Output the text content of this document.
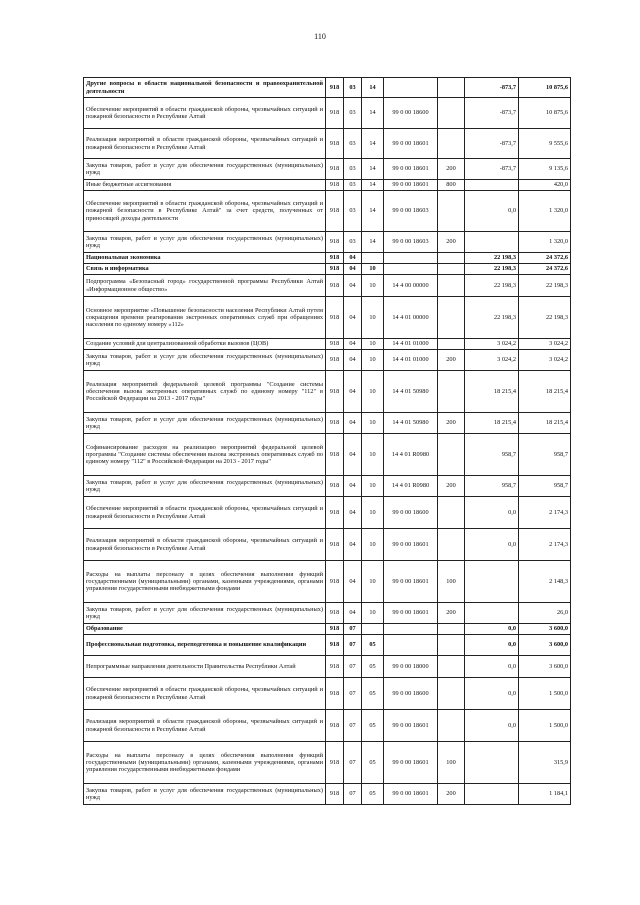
110
Другие вопросы в области национальной безопасности и правоохранительной деятельности	918	03	14			-873,7	10 875,6
Обеспечение мероприятий в области гражданской обороны, чрезвычайных ситуаций и пожарной безопасности в Республике Алтай	918	03	14	99 0 00 18600		-873,7	10 875,6
Реализация мероприятий в области гражданской обороны, чрезвычайных ситуаций и пожарной безопасности в Республике Алтай	918	03	14	99 0 00 18601		-873,7	9 555,6
Закупка товаров, работ и услуг для обеспечения государственных (муниципальных) нужд	918	03	14	99 0 00 18601	200	-873,7	9 135,6
Иные бюджетные ассигнования	918	03	14	99 0 00 18601	800		420,0
Обеспечение мероприятий в области гражданской обороны, чрезвычайных ситуаций и пожарной безопасности в Республике Алтай" за счет средств, полученных от приносящей доходы деятельности	918	03	14	99 0 00 18603		0,0	1 320,0
Закупка товаров, работ и услуг для обеспечения государственных (муниципальных) нужд	918	03	14	99 0 00 18603	200		1 320,0
Национальная экономика	918	04				22 198,3	24 372,6
Связь и информатика	918	04	10			22 198,3	24 372,6
Подпрограмма «Безопасный город» государственной программы Республики Алтай «Информационное общество»	918	04	10	14 4 00 00000		22 198,3	22 198,3
Основное мероприятие «Повышение безопасности населения Республики Алтай путем сокращения времени реагирования экстренных оперативных служб при обращениях населения по единому номеру «112»	918	04	10	14 4 01 00000		22 198,3	22 198,3
Создание условий для централизованной обработки вызовов (ЦОВ)	918	04	10	14 4 01 01000		3 024,2	3 024,2
Закупка товаров, работ и услуг для обеспечения государственных (муниципальных) нужд	918	04	10	14 4 01 01000	200	3 024,2	3 024,2
Реализация мероприятий федеральной целевой программы "Создание системы обеспечения вызова экстренных оперативных служб по единому номеру "112" в Российской Федерации на 2013 - 2017 годы"	918	04	10	14 4 01 50980		18 215,4	18 215,4
Закупка товаров, работ и услуг для обеспечения государственных (муниципальных) нужд	918	04	10	14 4 01 50980	200	18 215,4	18 215,4
Софинансирование расходов на реализацию мероприятий федеральной целевой программы "Создание системы обеспечения вызова экстренных оперативных служб по единому номеру "112" в Российской Федерации на 2013 - 2017 годы"	918	04	10	14 4 01 R0980		958,7	958,7
Закупка товаров, работ и услуг для обеспечения государственных (муниципальных) нужд	918	04	10	14 4 01 R0980	200	958,7	958,7
Обеспечение мероприятий в области гражданской обороны, чрезвычайных ситуаций и пожарной безопасности в Республике Алтай	918	04	10	99 0 00 18600		0,0	2 174,3
Реализация мероприятий в области гражданской обороны, чрезвычайных ситуаций и пожарной безопасности в Республике Алтай	918	04	10	99 0 00 18601		0,0	2 174,3
Расходы на выплаты персоналу в целях обеспечения выполнения функций государственными (муниципальными) органами, казенными учреждениями, органами управления государственными внебюджетными фондами	918	04	10	99 0 00 18601	100		2 148,3
Закупка товаров, работ и услуг для обеспечения государственных (муниципальных) нужд	918	04	10	99 0 00 18601	200		26,0
Образование	918	07				0,0	3 600,0
Профессиональная подготовка, переподготовка и повышение квалификации	918	07	05			0,0	3 600,0
Непрограммные направления деятельности Правительства Республики Алтай	918	07	05	99 0 00 18000		0,0	3 600,0
Обеспечение мероприятий в области гражданской обороны, чрезвычайных ситуаций и пожарной безопасности в Республике Алтай	918	07	05	99 0 00 18600		0,0	1 500,0
Реализация мероприятий в области гражданской обороны, чрезвычайных ситуаций и пожарной безопасности в Республике Алтай	918	07	05	99 0 00 18601		0,0	1 500,0
Расходы на выплаты персоналу в целях обеспечения выполнения функций государственными (муниципальными) органами, казенными учреждениями, органами управления государственными внебюджетными фондами	918	07	05	99 0 00 18601	100		315,9
Закупка товаров, работ и услуг для обеспечения государственных (муниципальных) нужд	918	07	05	99 0 00 18601	200		1 184,1
